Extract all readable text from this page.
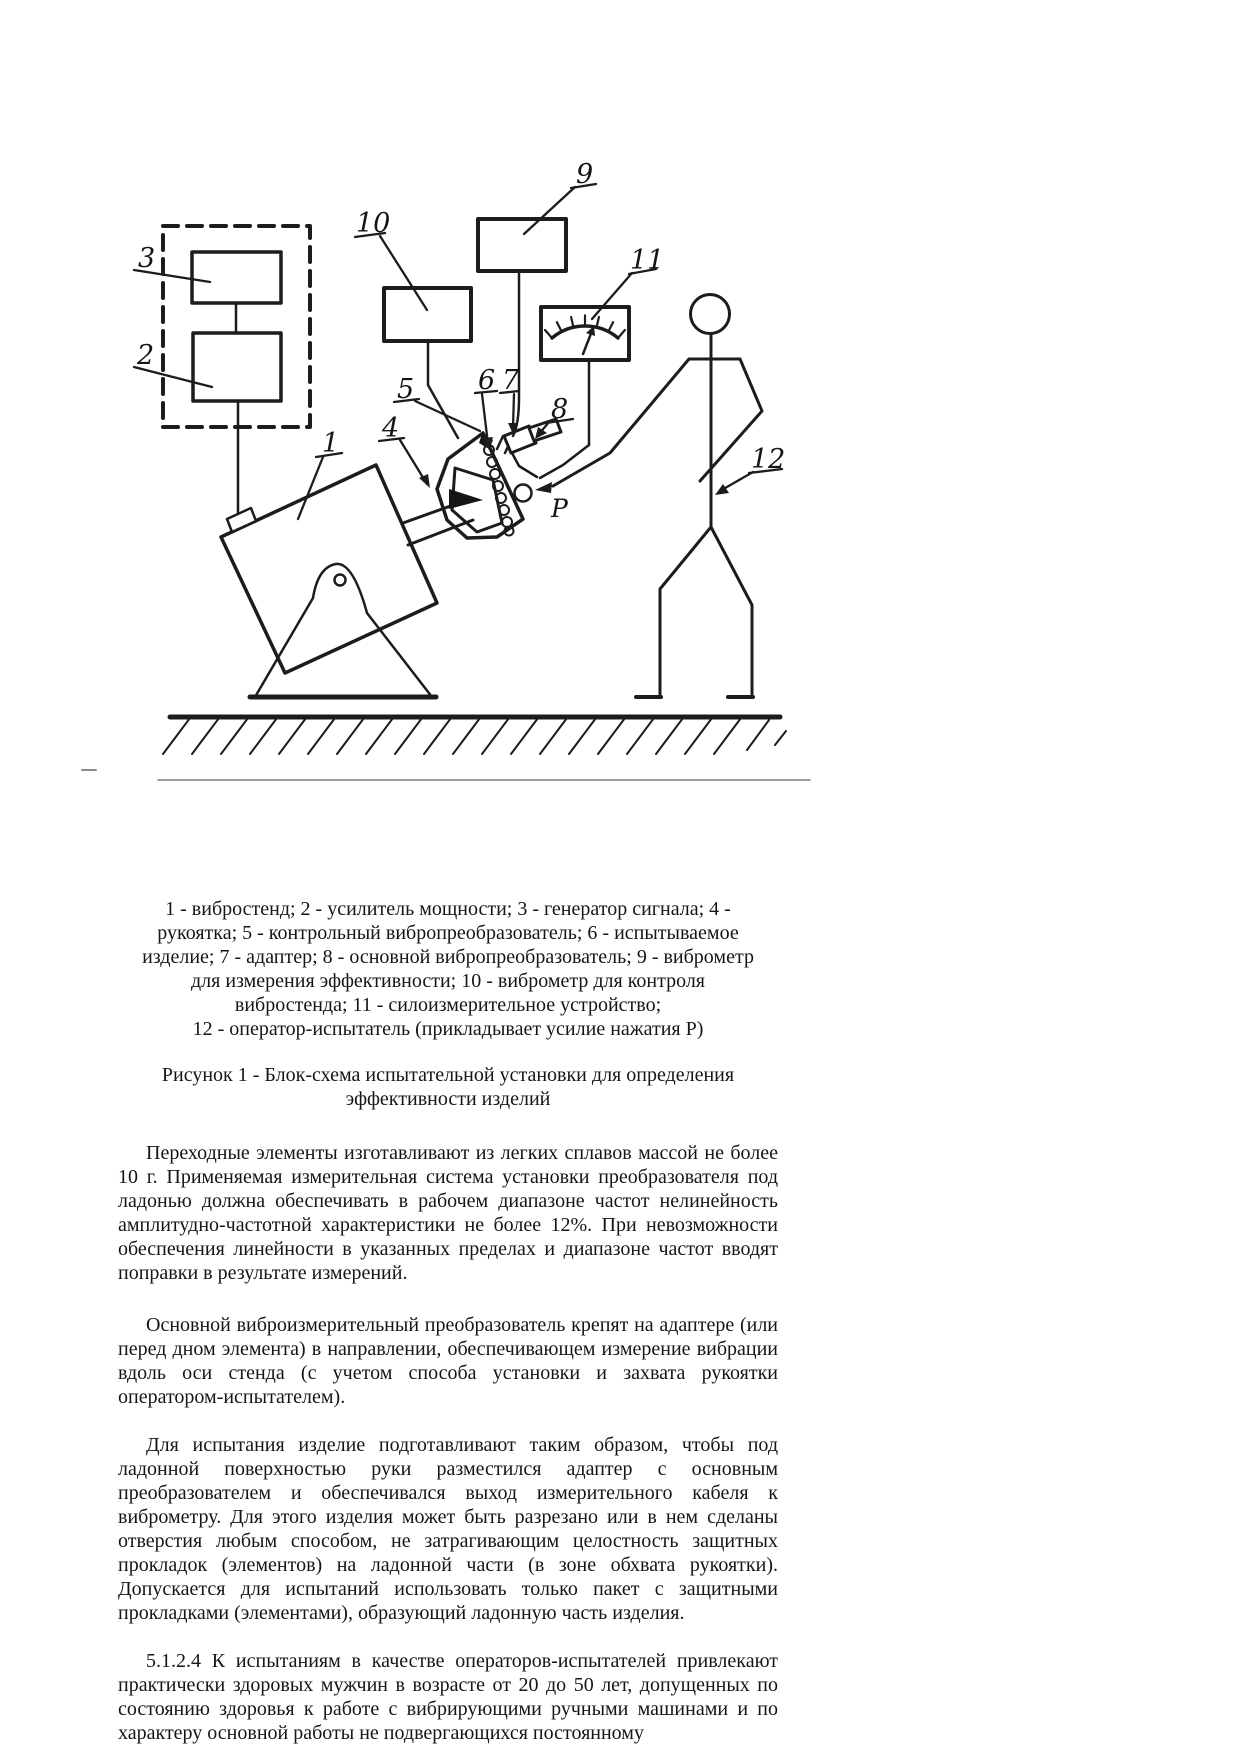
1
2
3
4
5 6 7
8
9
10
11
12
P
1 - вибростенд; 2 - усилитель мощности; 3 - генератор сигнала; 4 -
рукоятка; 5 - контрольный вибропреобразователь; 6 - испытываемое
изделие; 7 - адаптер; 8 - основной вибропреобразователь; 9 - виброметр
для измерения эффективности; 10 - виброметр для контроля
вибростенда; 11 - силоизмерительное устройство;
12 - оператор-испытатель (прикладывает усилие нажатия Р)
Рисунок 1 - Блок-схема испытательной установки для определения
эффективности изделий
Переходные элементы изготавливают из легких сплавов массой не более 10 г. Применяемая измерительная система установки преобразователя под ладонью должна обеспечивать в рабочем диапазоне частот нелинейность амплитудно-частотной характеристики не более 12%. При невозможности обеспечения линейности в указанных пределах и диапазоне частот вводят поправки в результате измерений.
Основной виброизмерительный преобразователь крепят на адаптере (или перед дном элемента) в направлении, обеспечивающем измерение вибрации вдоль оси стенда (с учетом способа установки и захвата рукоятки оператором-испытателем).
Для испытания изделие подготавливают таким образом, чтобы под ладонной поверхностью руки разместился адаптер с основным преобразователем и обеспечивался выход измерительного кабеля к виброметру. Для этого изделия может быть разрезано или в нем сделаны отверстия любым способом, не затрагивающим целостность защитных прокладок (элементов) на ладонной части (в зоне обхвата рукоятки). Допускается для испытаний использовать только пакет с защитными прокладками (элементами), образующий ладонную часть изделия.
5.1.2.4 К испытаниям в качестве операторов-испытателей привлекают практически здоровых мужчин в возрасте от 20 до 50 лет, допущенных по состоянию здоровья к работе с вибрирующими ручными машинами и по характеру основной работы не подвергающихся постоянному
